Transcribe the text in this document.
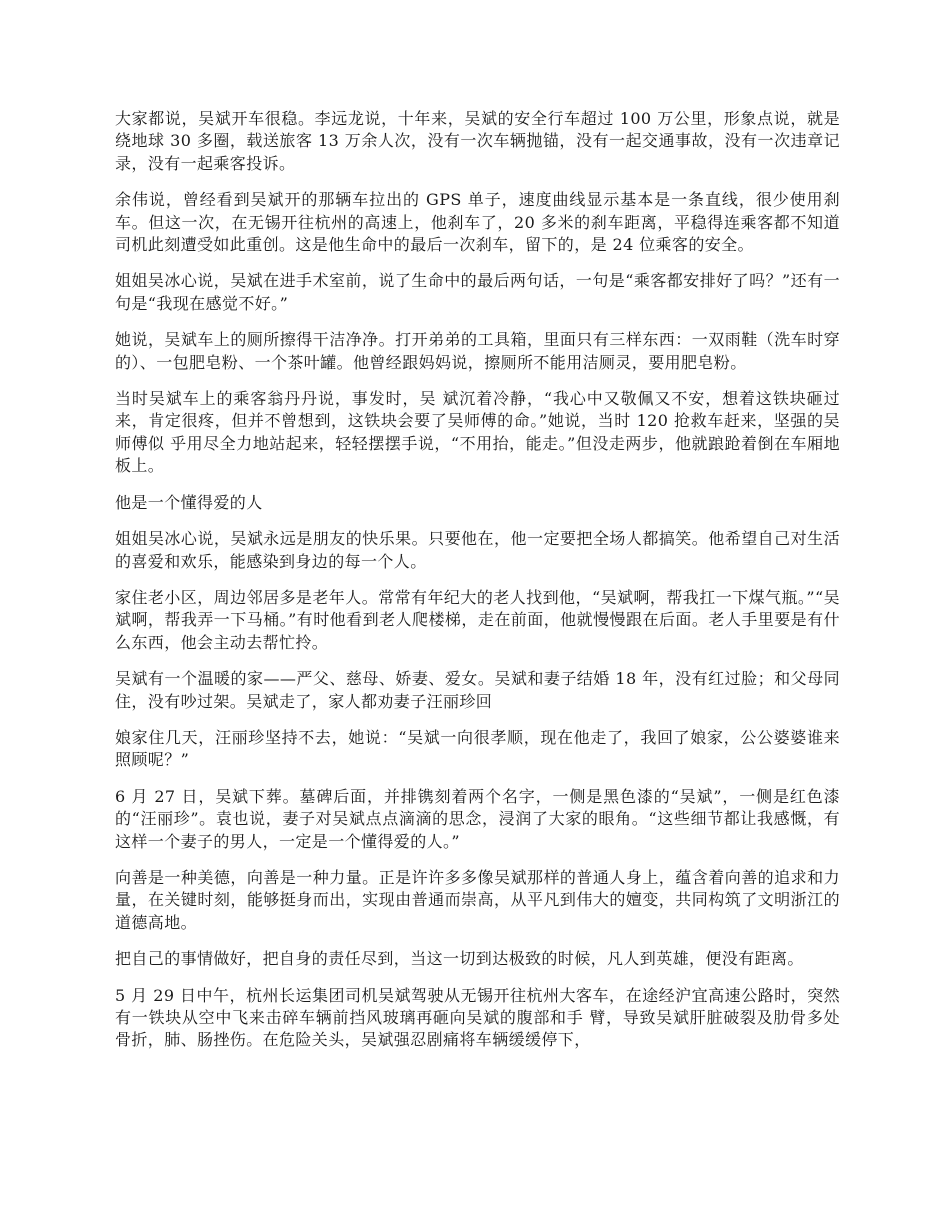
大家都说，吴斌开车很稳。李远龙说，十年来，吴斌的安全行车超过 100 万公里，形象点说，就是绕地球 30 多圈，载送旅客 13 万余人次，没有一次车辆抛锚，没有一起交通事故，没有一次违章记录，没有一起乘客投诉。

余伟说，曾经看到吴斌开的那辆车拉出的 GPS 单子，速度曲线显示基本是一条直线，很少使用刹车。但这一次，在无锡开往杭州的高速上，他刹车了，20 多米的刹车距离，平稳得连乘客都不知道司机此刻遭受如此重创。这是他生命中的最后一次刹车，留下的，是 24 位乘客的安全。

姐姐吴冰心说，吴斌在进手术室前，说了生命中的最后两句话，一句是“乘客都安排好了吗？”还有一句是“我现在感觉不好。”

她说，吴斌车上的厕所擦得干洁净净。打开弟弟的工具箱，里面只有三样东西：一双雨鞋（洗车时穿的）、一包肥皂粉、一个茶叶罐。他曾经跟妈妈说，擦厕所不能用洁厕灵，要用肥皂粉。

当时吴斌车上的乘客翁丹丹说，事发时，吴 斌沉着冷静，“我心中又敬佩又不安，想着这铁块砸过来，肯定很疼，但并不曾想到，这铁块会要了吴师傅的命。”她说，当时 120 抢救车赶来，坚强的吴师傅似 乎用尽全力地站起来，轻轻摆摆手说，“不用抬，能走。”但没走两步，他就踉跄着倒在车厢地板上。

他是一个懂得爱的人

姐姐吴冰心说，吴斌永远是朋友的快乐果。只要他在，他一定要把全场人都搞笑。他希望自己对生活的喜爱和欢乐，能感染到身边的每一个人。

家住老小区，周边邻居多是老年人。常常有年纪大的老人找到他，“吴斌啊，帮我扛一下煤气瓶。”“吴斌啊，帮我弄一下马桶。”有时他看到老人爬楼梯，走在前面，他就慢慢跟在后面。老人手里要是有什么东西，他会主动去帮忙拎。

吴斌有一个温暖的家——严父、慈母、娇妻、爱女。吴斌和妻子结婚 18 年，没有红过脸；和父母同住，没有吵过架。吴斌走了，家人都劝妻子汪丽珍回

娘家住几天，汪丽珍坚持不去，她说：“吴斌一向很孝顺，现在他走了，我回了娘家，公公婆婆谁来照顾呢？”

6 月 27 日，吴斌下葬。墓碑后面，并排镌刻着两个名字，一侧是黑色漆的“吴斌”，一侧是红色漆的“汪丽珍”。袁也说，妻子对吴斌点点滴滴的思念，浸润了大家的眼角。“这些细节都让我感慨，有这样一个妻子的男人，一定是一个懂得爱的人。”

向善是一种美德，向善是一种力量。正是许许多多像吴斌那样的普通人身上，蕴含着向善的追求和力量，在关键时刻，能够挺身而出，实现由普通而崇高，从平凡到伟大的嬗变，共同构筑了文明浙江的道德高地。

把自己的事情做好，把自身的责任尽到，当这一切到达极致的时候，凡人到英雄，便没有距离。

5 月 29 日中午，杭州长运集团司机吴斌驾驶从无锡开往杭州大客车，在途经沪宜高速公路时，突然有一铁块从空中飞来击碎车辆前挡风玻璃再砸向吴斌的腹部和手 臂，导致吴斌肝脏破裂及肋骨多处骨折，肺、肠挫伤。在危险关头，吴斌强忍剧痛将车辆缓缓停下，
